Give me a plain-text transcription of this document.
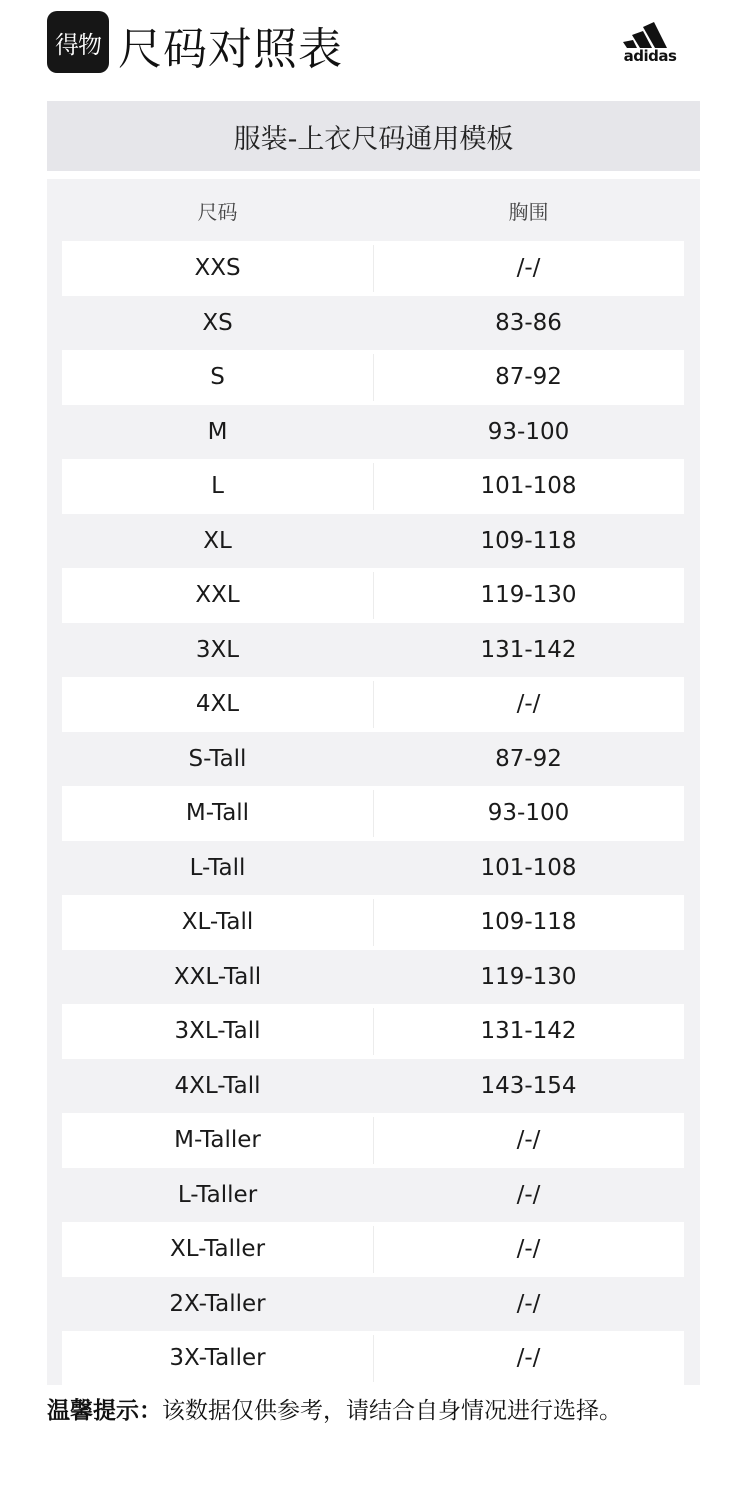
得物 尺码对照表	adidas
服装-上衣尺码通用模板
尺码	胸围
XXS	/-/
XS	83-86
S	87-92
M	93-100
L	101-108
XL	109-118
XXL	119-130
3XL	131-142
4XL	/-/
S-Tall	87-92
M-Tall	93-100
L-Tall	101-108
XL-Tall	109-118
XXL-Tall	119-130
3XL-Tall	131-142
4XL-Tall	143-154
M-Taller	/-/
L-Taller	/-/
XL-Taller	/-/
2X-Taller	/-/
3X-Taller	/-/
温馨提示：该数据仅供参考，请结合自身情况进行选择。
